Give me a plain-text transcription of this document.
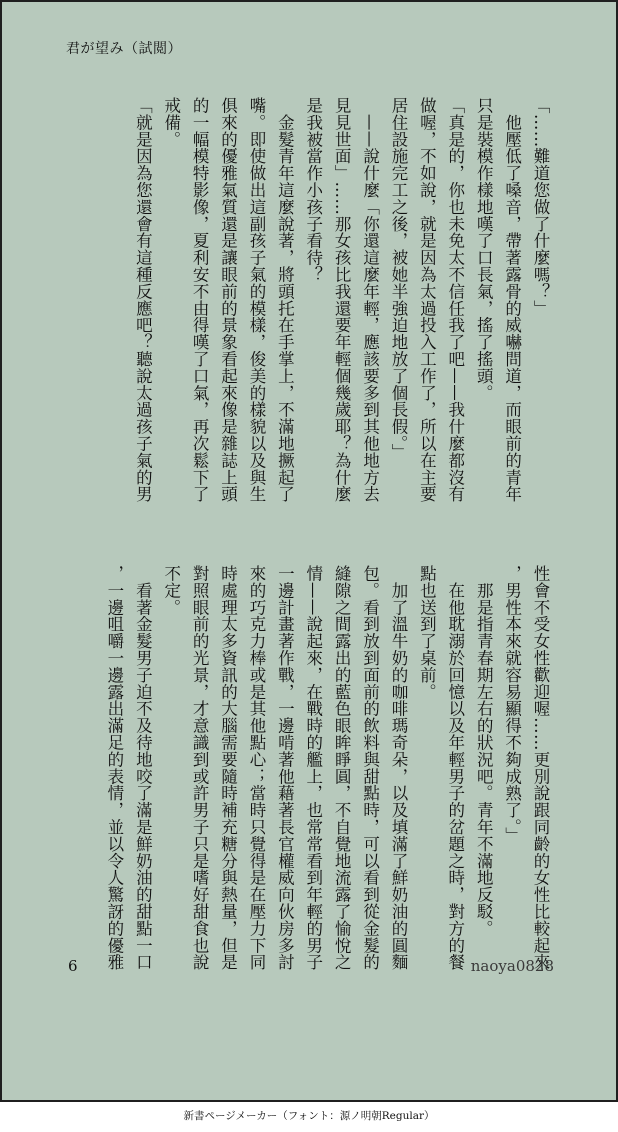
君が望み（試閲）

「……難道您做了什麼嗎？」

　他壓低了嗓音，帶著露骨的威嚇問道，而眼前的青年

只是裝模作樣地嘆了口長氣，搖了搖頭。

「真是的，你也未免太不信任我了吧——我什麼都沒有

做喔，不如說，就是因為太過投入工作了，所以在主要

居住設施完工之後，被她半強迫地放了個長假。」

　——說什麼「你還這麼年輕，應該要多到其他地方去

見見世面」……那女孩比我還要年輕個幾歲耶？為什麼

是我被當作小孩子看待？

　金髮青年這麼說著，將頭托在手掌上，不滿地撅起了

嘴。即使做出這副孩子氣的模樣，俊美的樣貌以及與生

俱來的優雅氣質還是讓眼前的景象看起來像是雜誌上頭

的一幅模特影像，夏利安不由得嘆了口氣，再次鬆下了

戒備。

「就是因為您還會有這種反應吧？聽說太過孩子氣的男

性會不受女性歡迎喔……更別說跟同齡的女性比較起來

，男性本來就容易顯得不夠成熟了。」

　那是指青春期左右的狀況吧。青年不滿地反駁。

　在他耽溺於回憶以及年輕男子的岔題之時，對方的餐

點也送到了桌前。

　加了溫牛奶的咖啡瑪奇朵，以及填滿了鮮奶油的圓麵

包。看到放到面前的飲料與甜點時，可以看到從金髮的

縫隙之間露出的藍色眼眸睜圓，不自覺地流露了愉悅之

情——說起來，在戰時的艦上，也常常看到年輕的男子

一邊計畫著作戰，一邊啃著他藉著長官權威向伙房多討

來的巧克力棒或是其他點心；當時只覺得是在壓力下同

時處理太多資訊的大腦需要隨時補充糖分與熱量，但是

對照眼前的光景，才意識到或許男子只是嗜好甜食也說

不定。

　看著金髮男子迫不及待地咬了滿是鮮奶油的甜點一口

，一邊咀嚼一邊露出滿足的表情，並以令人驚訝的優雅

6	naoya0828
新書ページメーカー（フォント：源ノ明朝Regular）
